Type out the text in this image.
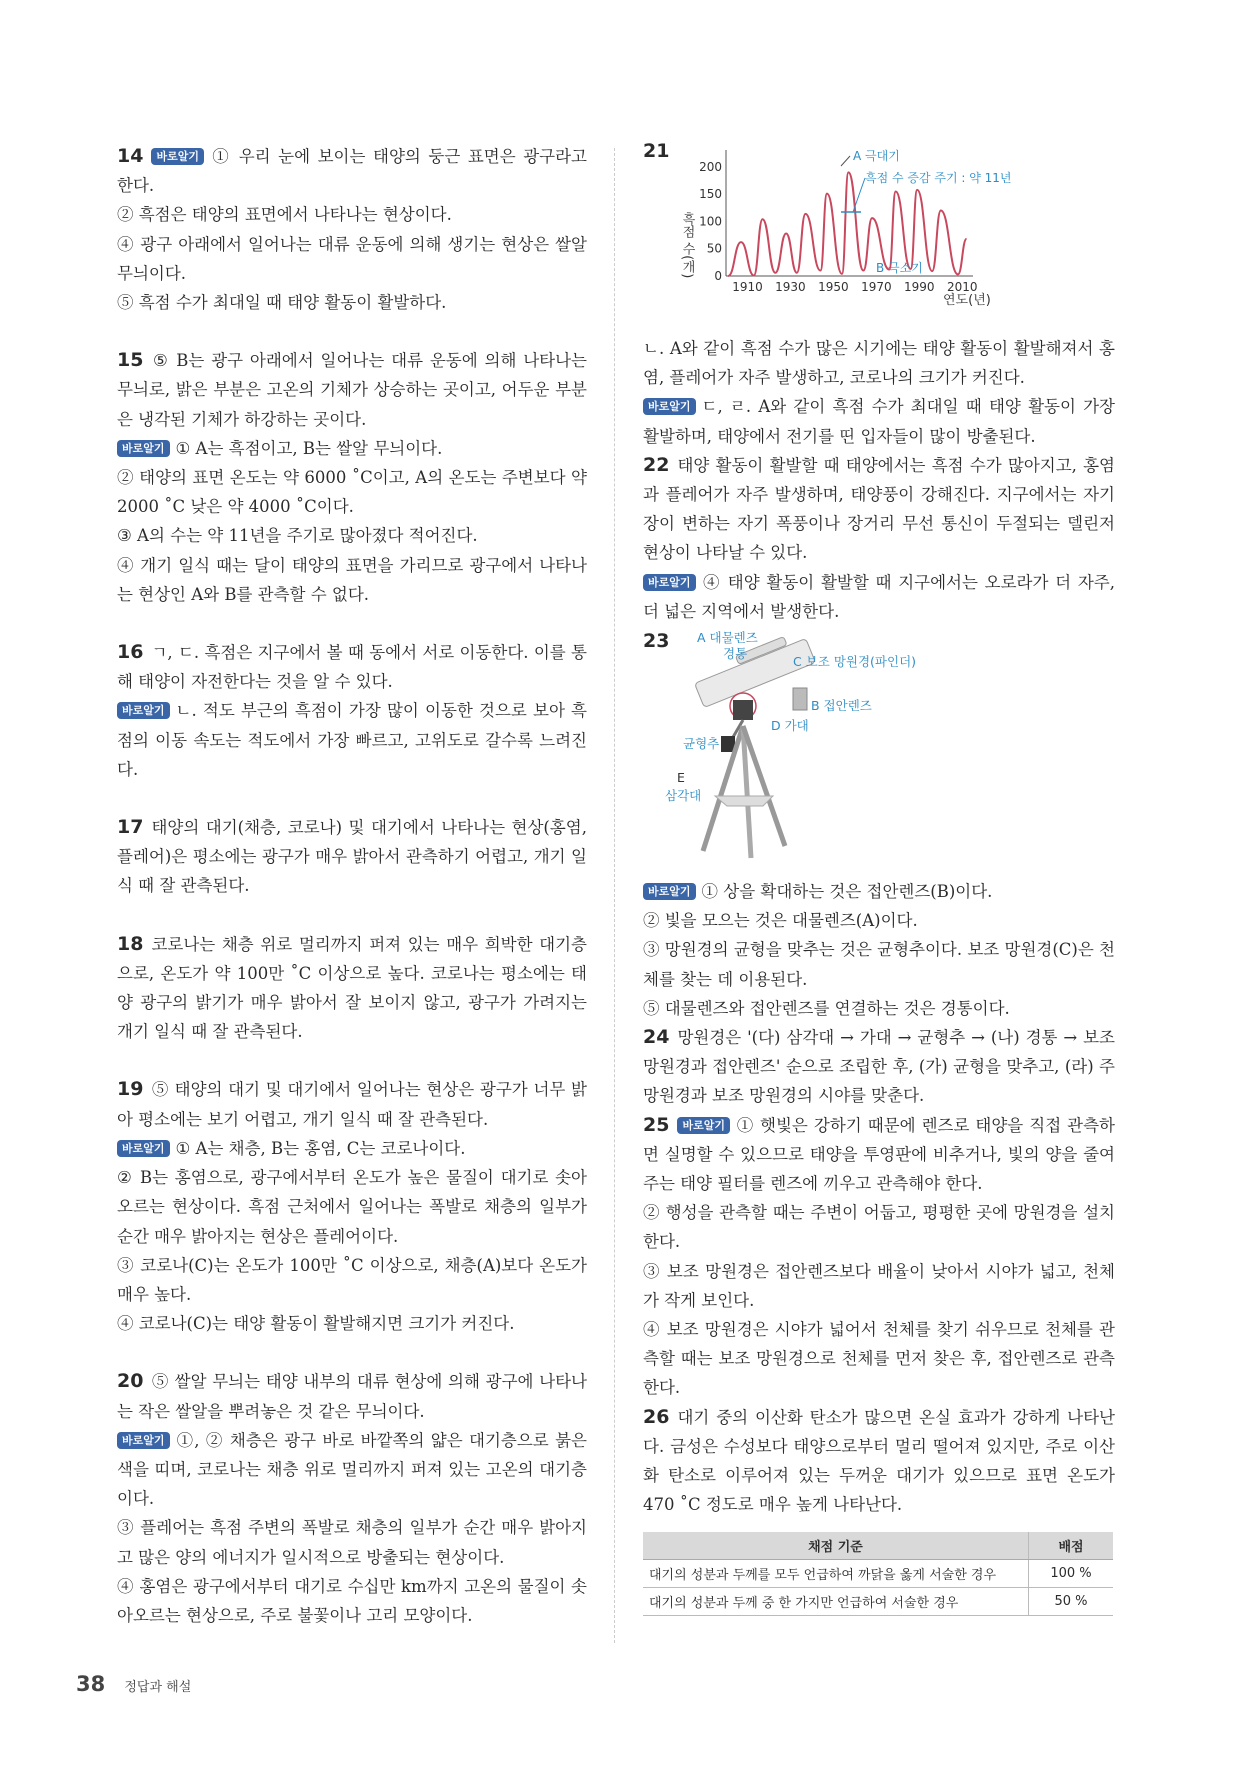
14 바로알기 ① 우리 눈에 보이는 태양의 둥근 표면은 광구라고 한다.

② 흑점은 태양의 표면에서 나타나는 현상이다.

④ 광구 아래에서 일어나는 대류 운동에 의해 생기는 현상은 쌀알 무늬이다.

⑤ 흑점 수가 최대일 때 태양 활동이 활발하다.

15 ⑤ B는 광구 아래에서 일어나는 대류 운동에 의해 나타나는 무늬로, 밝은 부분은 고온의 기체가 상승하는 곳이고, 어두운 부분은 냉각된 기체가 하강하는 곳이다.

바로알기 ① A는 흑점이고, B는 쌀알 무늬이다.

② 태양의 표면 온도는 약 6000 ˚C이고, A의 온도는 주변보다 약 2000 ˚C 낮은 약 4000 ˚C이다.

③ A의 수는 약 11년을 주기로 많아졌다 적어진다.

④ 개기 일식 때는 달이 태양의 표면을 가리므로 광구에서 나타나는 현상인 A와 B를 관측할 수 없다.

16 ㄱ, ㄷ. 흑점은 지구에서 볼 때 동에서 서로 이동한다. 이를 통해 태양이 자전한다는 것을 알 수 있다.

바로알기 ㄴ. 적도 부근의 흑점이 가장 많이 이동한 것으로 보아 흑점의 이동 속도는 적도에서 가장 빠르고, 고위도로 갈수록 느려진다.

17 태양의 대기(채층, 코로나) 및 대기에서 나타나는 현상(홍염, 플레어)은 평소에는 광구가 매우 밝아서 관측하기 어렵고, 개기 일식 때 잘 관측된다.

18 코로나는 채층 위로 멀리까지 퍼져 있는 매우 희박한 대기층으로, 온도가 약 100만 ˚C 이상으로 높다. 코로나는 평소에는 태양 광구의 밝기가 매우 밝아서 잘 보이지 않고, 광구가 가려지는 개기 일식 때 잘 관측된다.

19 ⑤ 태양의 대기 및 대기에서 일어나는 현상은 광구가 너무 밝아 평소에는 보기 어렵고, 개기 일식 때 잘 관측된다.

바로알기 ① A는 채층, B는 홍염, C는 코로나이다.

② B는 홍염으로, 광구에서부터 온도가 높은 물질이 대기로 솟아오르는 현상이다. 흑점 근처에서 일어나는 폭발로 채층의 일부가 순간 매우 밝아지는 현상은 플레어이다.

③ 코로나(C)는 온도가 100만 ˚C 이상으로, 채층(A)보다 온도가 매우 높다.

④ 코로나(C)는 태양 활동이 활발해지면 크기가 커진다.

20 ⑤ 쌀알 무늬는 태양 내부의 대류 현상에 의해 광구에 나타나는 작은 쌀알을 뿌려놓은 것 같은 무늬이다.

바로알기 ①, ② 채층은 광구 바로 바깥쪽의 얇은 대기층으로 붉은색을 띠며, 코로나는 채층 위로 멀리까지 퍼져 있는 고온의 대기층이다.

③ 플레어는 흑점 주변의 폭발로 채층의 일부가 순간 매우 밝아지고 많은 양의 에너지가 일시적으로 방출되는 현상이다.

④ 홍염은 광구에서부터 대기로 수십만 km까지 고온의 물질이 솟아오르는 현상으로, 주로 불꽃이나 고리 모양이다.

21
흑점 수(개) 0
50
100
150
200
1910 1930 1950 1970 1990 2010
연도(년)
A 극대기
흑점 수 증감 주기 : 약 11년
B 극소기

ㄴ. A와 같이 흑점 수가 많은 시기에는 태양 활동이 활발해져서 홍염, 플레어가 자주 발생하고, 코로나의 크기가 커진다.

바로알기 ㄷ, ㄹ. A와 같이 흑점 수가 최대일 때 태양 활동이 가장 활발하며, 태양에서 전기를 띤 입자들이 많이 방출된다.

22 태양 활동이 활발할 때 태양에서는 흑점 수가 많아지고, 홍염과 플레어가 자주 발생하며, 태양풍이 강해진다. 지구에서는 자기장이 변하는 자기 폭풍이나 장거리 무선 통신이 두절되는 델린저 현상이 나타날 수 있다.

바로알기 ④ 태양 활동이 활발할 때 지구에서는 오로라가 더 자주, 더 넓은 지역에서 발생한다.

23 A 대물렌즈
경통
C 보조 망원경(파인더)
B 접안렌즈
D 가대
균형추
E
삼각대

바로알기 ① 상을 확대하는 것은 접안렌즈(B)이다.

② 빛을 모으는 것은 대물렌즈(A)이다.

③ 망원경의 균형을 맞추는 것은 균형추이다. 보조 망원경(C)은 천체를 찾는 데 이용된다.

⑤ 대물렌즈와 접안렌즈를 연결하는 것은 경통이다.

24 망원경은 '(다) 삼각대 → 가대 → 균형추 → (나) 경통 → 보조 망원경과 접안렌즈' 순으로 조립한 후, (가) 균형을 맞추고, (라) 주 망원경과 보조 망원경의 시야를 맞춘다.

25 바로알기 ① 햇빛은 강하기 때문에 렌즈로 태양을 직접 관측하면 실명할 수 있으므로 태양을 투영판에 비추거나, 빛의 양을 줄여주는 태양 필터를 렌즈에 끼우고 관측해야 한다.

② 행성을 관측할 때는 주변이 어둡고, 평평한 곳에 망원경을 설치한다.

③ 보조 망원경은 접안렌즈보다 배율이 낮아서 시야가 넓고, 천체가 작게 보인다.

④ 보조 망원경은 시야가 넓어서 천체를 찾기 쉬우므로 천체를 관측할 때는 보조 망원경으로 천체를 먼저 찾은 후, 접안렌즈로 관측한다.

26 대기 중의 이산화 탄소가 많으면 온실 효과가 강하게 나타난다. 금성은 수성보다 태양으로부터 멀리 떨어져 있지만, 주로 이산화 탄소로 이루어져 있는 두꺼운 대기가 있으므로 표면 온도가 470 ˚C 정도로 매우 높게 나타난다.

채점 기준	배점
대기의 성분과 두께를 모두 언급하여 까닭을 옳게 서술한 경우	100 %
대기의 성분과 두께 중 한 가지만 언급하여 서술한 경우	50 %
38 정답과 해설
